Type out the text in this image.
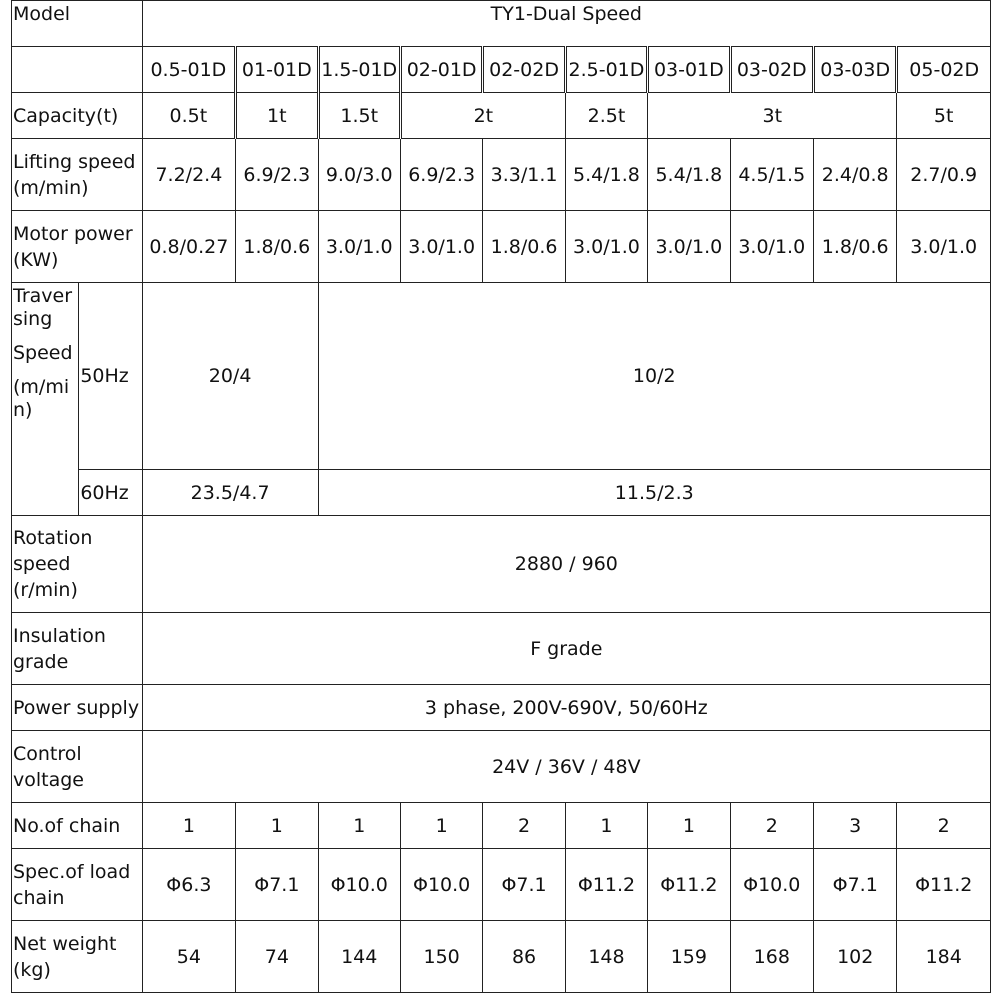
Model		TY1-Dual Speed									
		0.5-01D	01-01D	1.5-01D	02-01D	02-02D	2.5-01D	03-01D	03-02D	03-03D	05-02D
Capacity(t)		0.5t	1t	1.5t	2t		2.5t	3t			5t
Lifting speed
(m/min)		7.2/2.4	6.9/2.3	9.0/3.0	6.9/2.3	3.3/1.1	5.4/1.8	5.4/1.8	4.5/1.5	2.4/0.8	2.7/0.9
Motor power
(KW)		0.8/0.27	1.8/0.6	3.0/1.0	3.0/1.0	1.8/0.6	3.0/1.0	3.0/1.0	3.0/1.0	1.8/0.6	3.0/1.0
Traver
sing

Speed

(m/mi
n)	50Hz	20/4		10/2							
	60Hz	23.5/4.7		11.5/2.3							
Rotation
speed
(r/min)		2880 / 960									
Insulation
grade		F grade									
Power supply		3 phase, 200V-690V, 50/60Hz									
Control
voltage		24V / 36V / 48V									
No.of chain		1	1	1	1	2	1	1	2	3	2
Spec.of load
chain		Φ6.3	Φ7.1	Φ10.0	Φ10.0	Φ7.1	Φ11.2	Φ11.2	Φ10.0	Φ7.1	Φ11.2
Net weight
(kg)		54	74	144	150	86	148	159	168	102	184
